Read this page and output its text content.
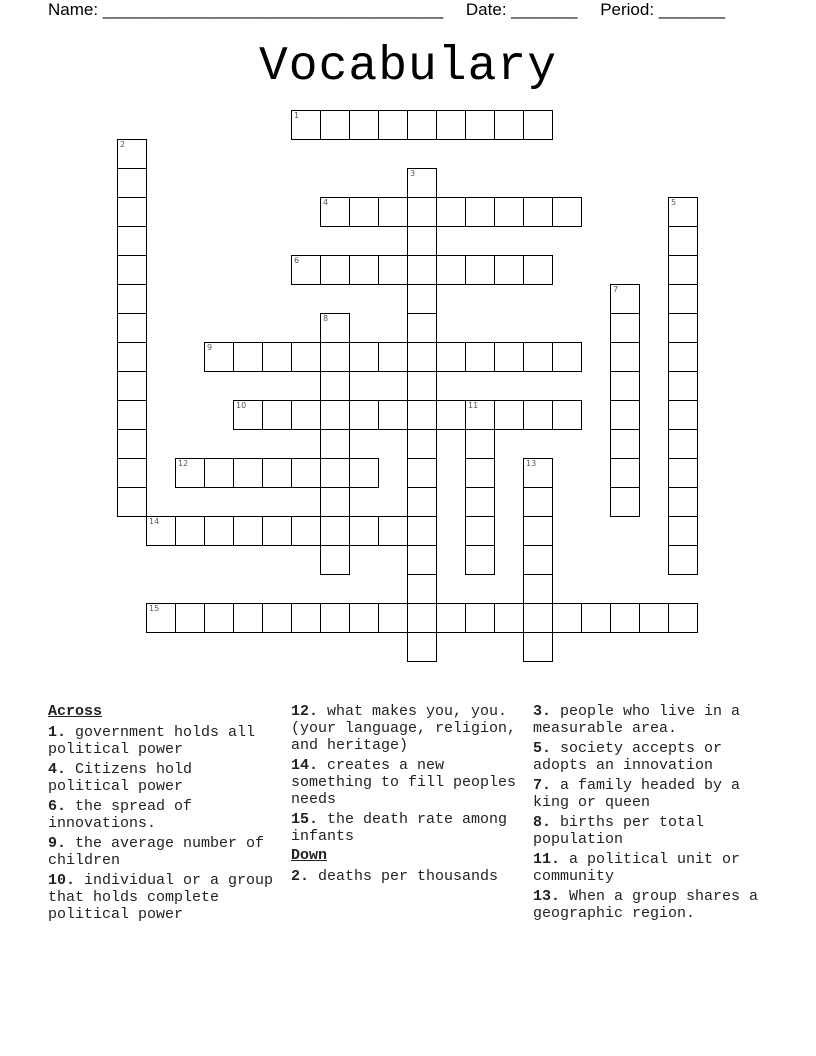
Name: ____________________________________ Date: _______ Period: _______
Vocabulary
1
2
3
4	5
6
7
8
9
10	11
12	13
14
15
Across
1. government holds all political power
4. Citizens hold political power
6. the spread of innovations.
9. the average number of children
10. individual or a group that holds complete political power
12. what makes you, you.(your language, religion, and heritage)
14. creates a new something to fill peoples needs
15. the death rate among infants
Down
2. deaths per thousands
3. people who live in a measurable area.
5. society accepts or adopts an innovation
7. a family headed by a king or queen
8. births per total population
11. a political unit or community
13. When a group shares a geographic region.
